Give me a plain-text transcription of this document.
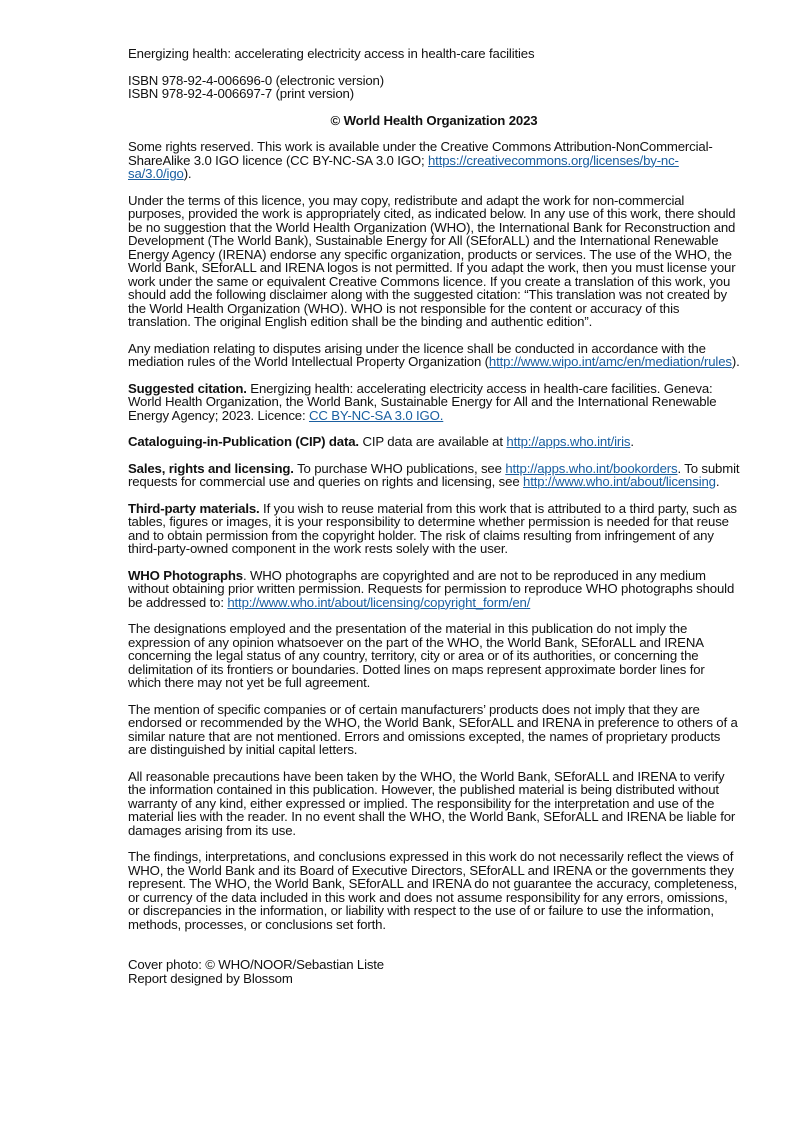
Energizing health: accelerating electricity access in health-care facilities

ISBN 978-92-4-006696-0 (electronic version)

ISBN 978-92-4-006697-7 (print version)

© World Health Organization 2023

Some rights reserved. This work is available under the Creative Commons Attribution-NonCommercial-ShareAlike 3.0 IGO licence (CC BY-NC-SA 3.0 IGO; https://creativecommons.org/licenses/by-nc-sa/3.0/igo).

Under the terms of this licence, you may copy, redistribute and adapt the work for non-commercial purposes, provided the work is appropriately cited, as indicated below. In any use of this work, there should be no suggestion that the World Health Organization (WHO), the International Bank for Reconstruction and Development (The World Bank), Sustainable Energy for All (SEforALL) and the International Renewable Energy Agency (IRENA) endorse any specific organization, products or services. The use of the WHO, the World Bank, SEforALL and IRENA logos is not permitted. If you adapt the work, then you must license your work under the same or equivalent Creative Commons licence. If you create a translation of this work, you should add the following disclaimer along with the suggested citation: “This translation was not created by the World Health Organization (WHO). WHO is not responsible for the content or accuracy of this translation. The original English edition shall be the binding and authentic edition”.

Any mediation relating to disputes arising under the licence shall be conducted in accordance with the mediation rules of the World Intellectual Property Organization (http://www.wipo.int/amc/en/mediation/rules).

Suggested citation. Energizing health: accelerating electricity access in health-care facilities. Geneva: World Health Organization, the World Bank, Sustainable Energy for All and the International Renewable Energy Agency; 2023. Licence: CC BY-NC-SA 3.0 IGO.

Cataloguing-in-Publication (CIP) data. CIP data are available at http://apps.who.int/iris.

Sales, rights and licensing. To purchase WHO publications, see http://apps.who.int/bookorders. To submit requests for commercial use and queries on rights and licensing, see http://www.who.int/about/licensing.

Third-party materials. If you wish to reuse material from this work that is attributed to a third party, such as tables, figures or images, it is your responsibility to determine whether permission is needed for that reuse and to obtain permission from the copyright holder. The risk of claims resulting from infringement of any third-party-owned component in the work rests solely with the user.

WHO Photographs. WHO photographs are copyrighted and are not to be reproduced in any medium without obtaining prior written permission. Requests for permission to reproduce WHO photographs should be addressed to: http://www.who.int/about/licensing/copyright_form/en/

The designations employed and the presentation of the material in this publication do not imply the expression of any opinion whatsoever on the part of the WHO, the World Bank, SEforALL and IRENA concerning the legal status of any country, territory, city or area or of its authorities, or concerning the delimitation of its frontiers or boundaries. Dotted lines on maps represent approximate border lines for which there may not yet be full agreement.

The mention of specific companies or of certain manufacturers’ products does not imply that they are endorsed or recommended by the WHO, the World Bank, SEforALL and IRENA in preference to others of a similar nature that are not mentioned. Errors and omissions excepted, the names of proprietary products are distinguished by initial capital letters.

All reasonable precautions have been taken by the WHO, the World Bank, SEforALL and IRENA to verify the information contained in this publication. However, the published material is being distributed without warranty of any kind, either expressed or implied. The responsibility for the interpretation and use of the material lies with the reader. In no event shall the WHO, the World Bank, SEforALL and IRENA be liable for damages arising from its use.

The findings, interpretations, and conclusions expressed in this work do not necessarily reflect the views of WHO, the World Bank and its Board of Executive Directors, SEforALL and IRENA or the governments they represent. The WHO, the World Bank, SEforALL and IRENA do not guarantee the accuracy, completeness, or currency of the data included in this work and does not assume responsibility for any errors, omissions, or discrepancies in the information, or liability with respect to the use of or failure to use the information, methods, processes, or conclusions set forth.

Cover photo: © WHO/NOOR/Sebastian Liste

Report designed by Blossom
